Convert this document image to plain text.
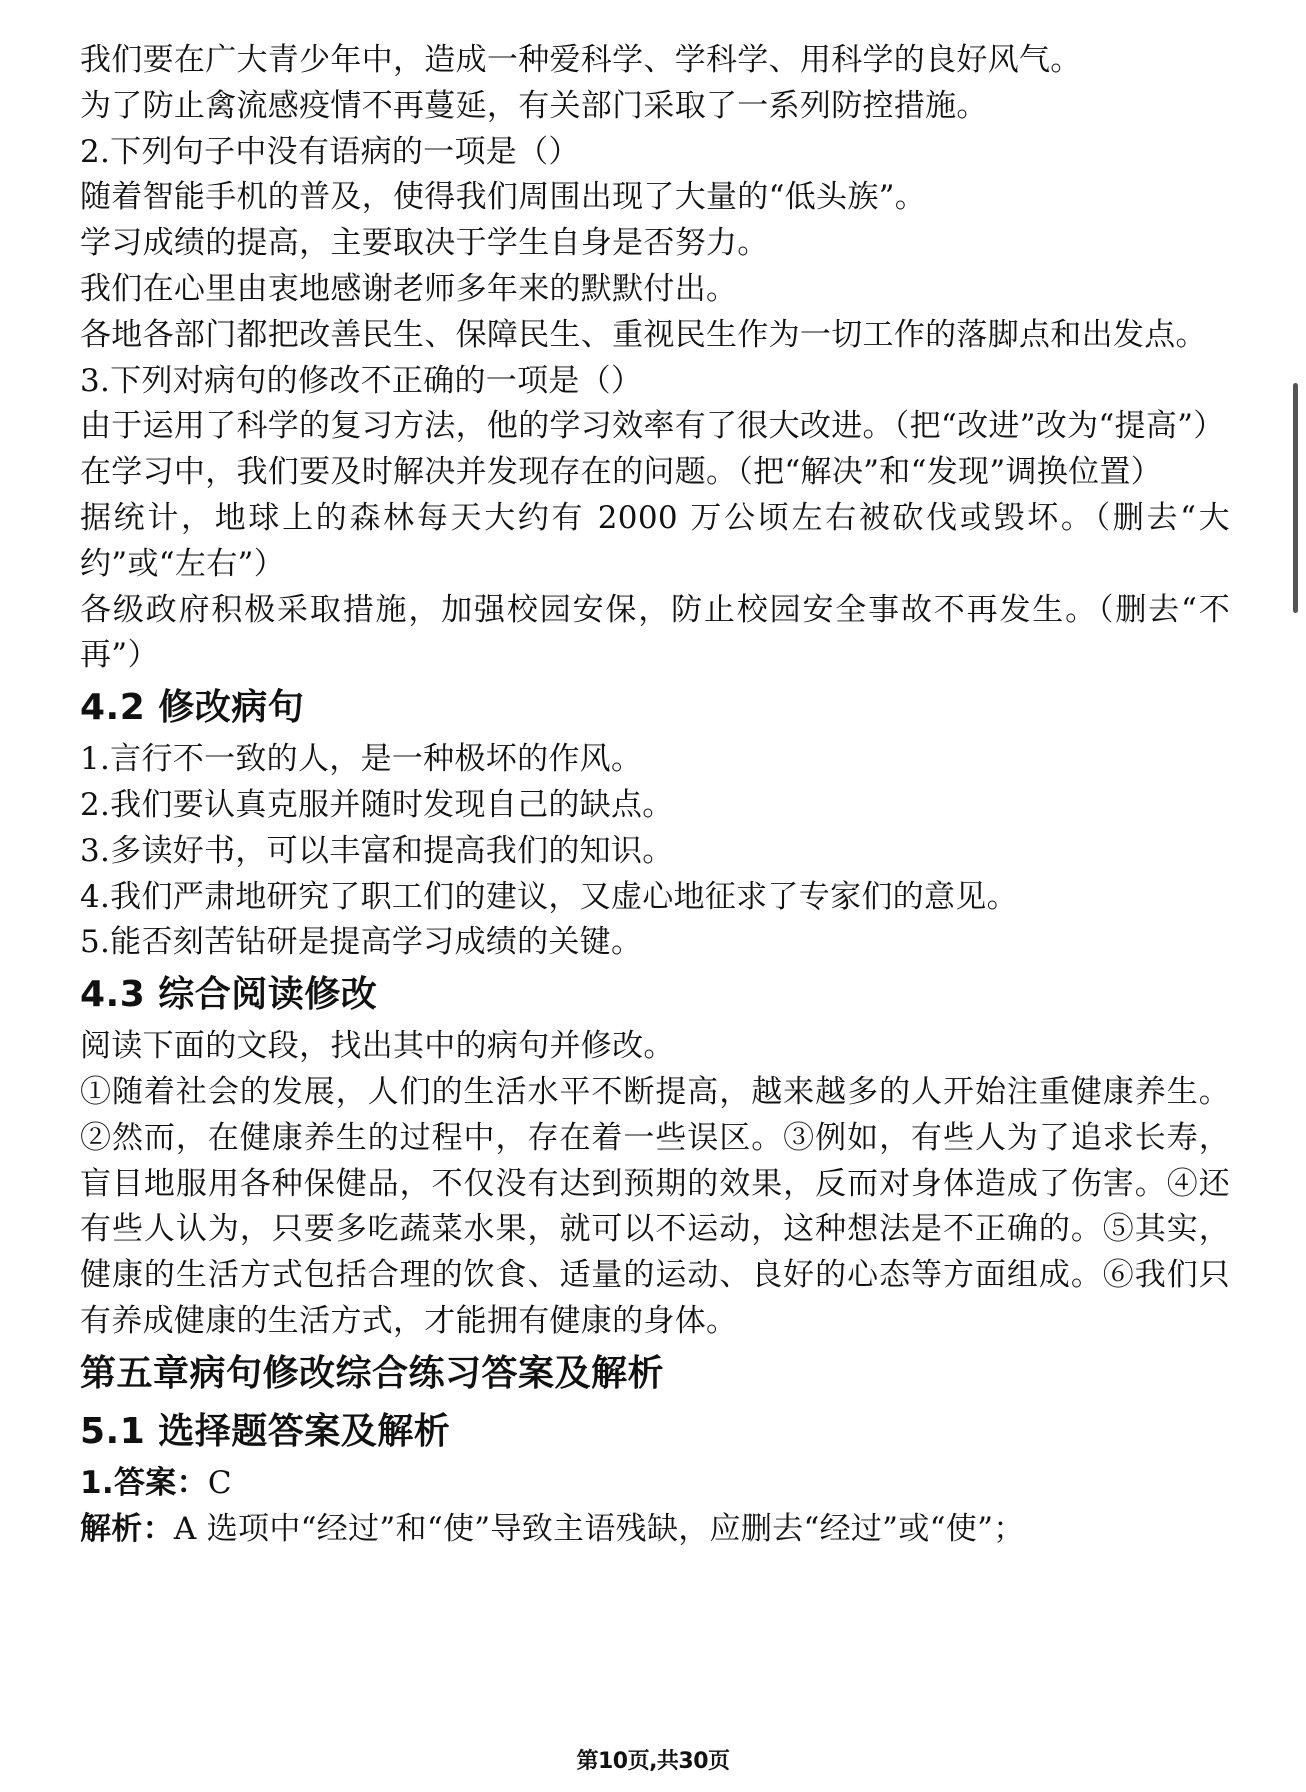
我们要在广大青少年中，造成一种爱科学、学科学、用科学的良好风气。
为了防止禽流感疫情不再蔓延，有关部门采取了一系列防控措施。
2.下列句子中没有语病的一项是（）
随着智能手机的普及，使得我们周围出现了大量的“低头族”。
学习成绩的提高，主要取决于学生自身是否努力。
我们在心里由衷地感谢老师多年来的默默付出。
各地各部门都把改善民生、保障民生、重视民生作为一切工作的落脚点和出发点。
3.下列对病句的修改不正确的一项是（）
由于运用了科学的复习方法，他的学习效率有了很大改进。（把“改进”改为“提高”）
在学习中，我们要及时解决并发现存在的问题。（把“解决”和“发现”调换位置）
据统计，地球上的森林每天大约有 2000 万公顷左右被砍伐或毁坏。（删去“大约”或“左右”）
各级政府积极采取措施，加强校园安保，防止校园安全事故不再发生。（删去“不再”）
4.2 修改病句
1.言行不一致的人，是一种极坏的作风。
2.我们要认真克服并随时发现自己的缺点。
3.多读好书，可以丰富和提高我们的知识。
4.我们严肃地研究了职工们的建议，又虚心地征求了专家们的意见。
5.能否刻苦钻研是提高学习成绩的关键。
4.3 综合阅读修改
阅读下面的文段，找出其中的病句并修改。
①随着社会的发展，人们的生活水平不断提高，越来越多的人开始注重健康养生。②然而，在健康养生的过程中，存在着一些误区。③例如，有些人为了追求长寿，盲目地服用各种保健品，不仅没有达到预期的效果，反而对身体造成了伤害。④还有些人认为，只要多吃蔬菜水果，就可以不运动，这种想法是不正确的。⑤其实，健康的生活方式包括合理的饮食、适量的运动、良好的心态等方面组成。⑥我们只有养成健康的生活方式，才能拥有健康的身体。
第五章病句修改综合练习答案及解析
5.1 选择题答案及解析
1.答案：C
解析：A 选项中“经过”和“使”导致主语残缺，应删去“经过”或“使”；
第10页,共30页
